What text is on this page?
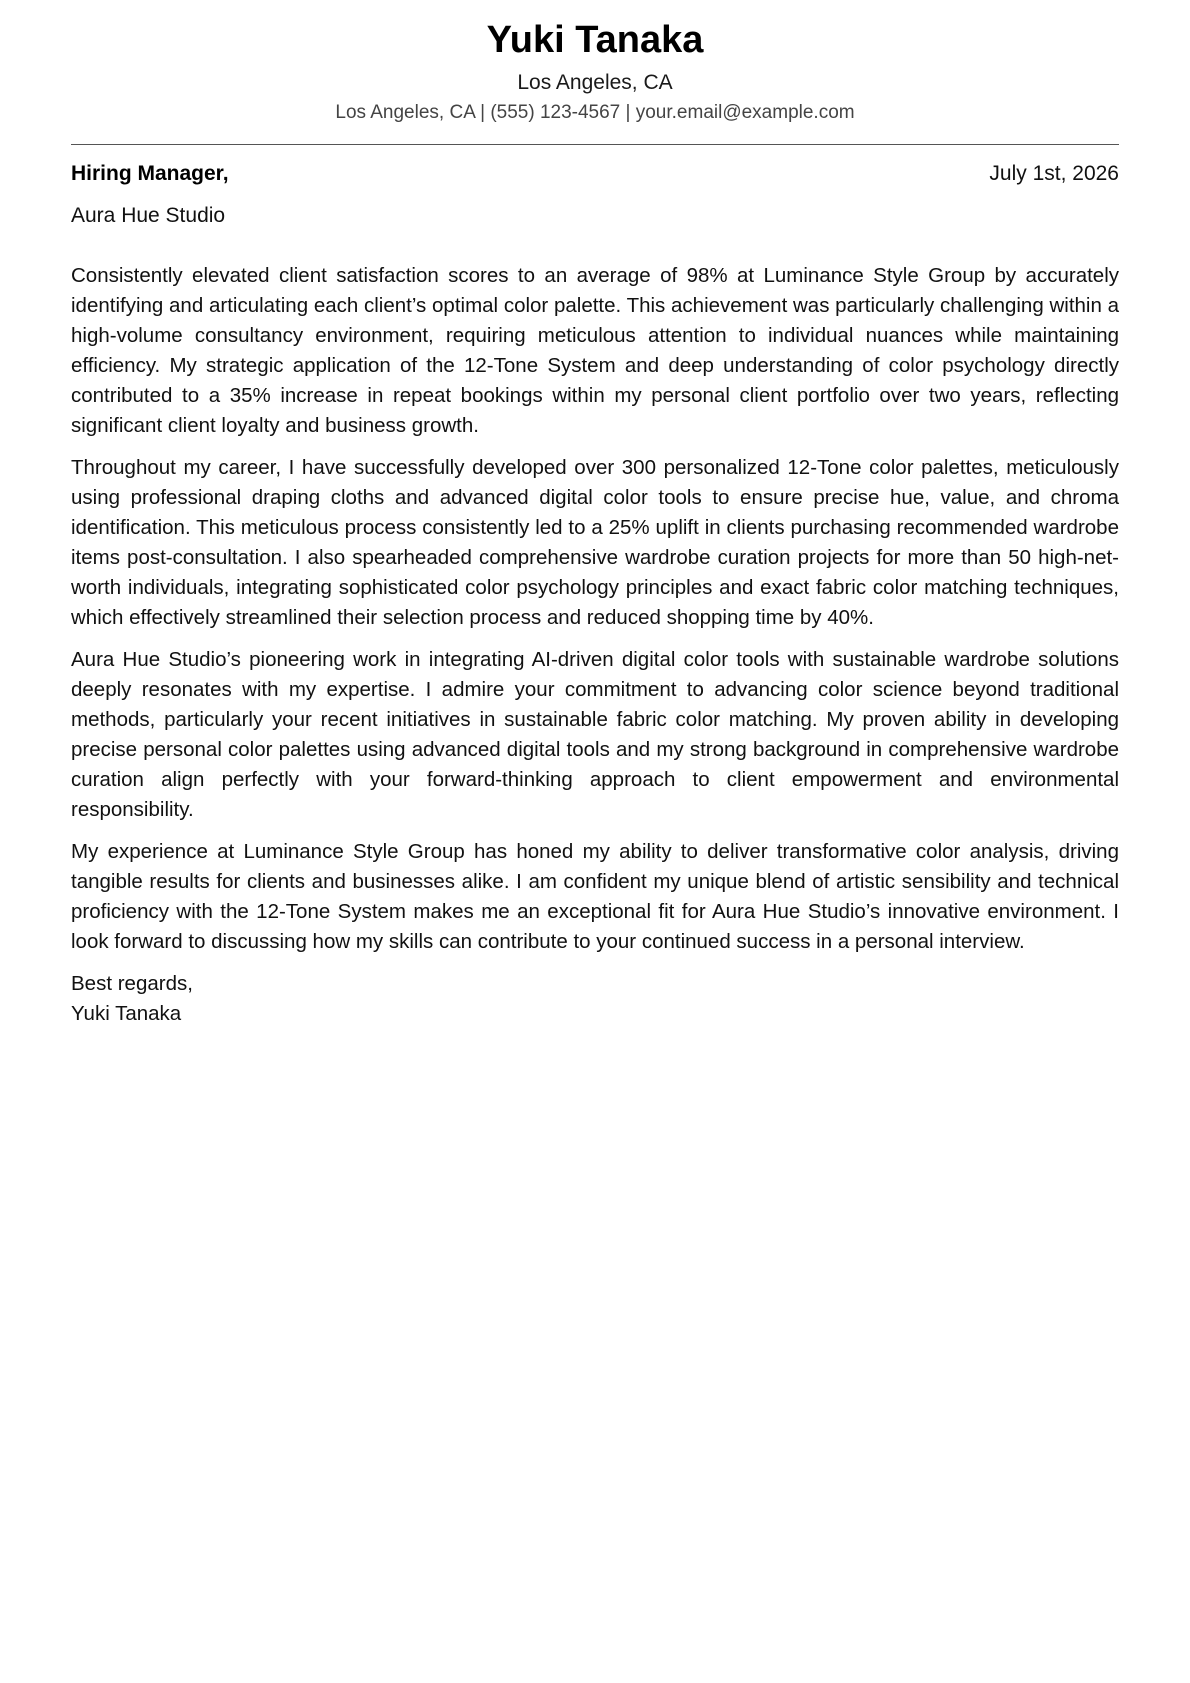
Yuki Tanaka
Los Angeles, CA
Los Angeles, CA | (555) 123-4567 | your.email@example.com
Hiring Manager,	July 1st, 2026
Aura Hue Studio

Consistently elevated client satisfaction scores to an average of 98% at Luminance Style Group by accurately identifying and articulating each client’s optimal color palette. This achievement was particularly challenging within a high-volume consultancy environment, requiring meticulous attention to individual nuances while maintaining efficiency. My strategic application of the 12-Tone System and deep understanding of color psychology directly contributed to a 35% increase in repeat bookings within my personal client portfolio over two years, reflecting significant client loyalty and business growth.

Throughout my career, I have successfully developed over 300 personalized 12-Tone color palettes, meticulously using professional draping cloths and advanced digital color tools to ensure precise hue, value, and chroma identification. This meticulous process consistently led to a 25% uplift in clients purchasing recommended wardrobe items post-consultation. I also spearheaded comprehensive wardrobe curation projects for more than 50 high-net-worth individuals, integrating sophisticated color psychology principles and exact fabric color matching techniques, which effectively streamlined their selection process and reduced shopping time by 40%.

Aura Hue Studio’s pioneering work in integrating AI-driven digital color tools with sustainable wardrobe solutions deeply resonates with my expertise. I admire your commitment to advancing color science beyond traditional methods, particularly your recent initiatives in sustainable fabric color matching. My proven ability in developing precise personal color palettes using advanced digital tools and my strong background in comprehensive wardrobe curation align perfectly with your forward-thinking approach to client empowerment and environmental responsibility.

My experience at Luminance Style Group has honed my ability to deliver transformative color analysis, driving tangible results for clients and businesses alike. I am confident my unique blend of artistic sensibility and technical proficiency with the 12-Tone System makes me an exceptional fit for Aura Hue Studio’s innovative environment. I look forward to discussing how my skills can contribute to your continued success in a personal interview.

Best regards,
Yuki Tanaka
